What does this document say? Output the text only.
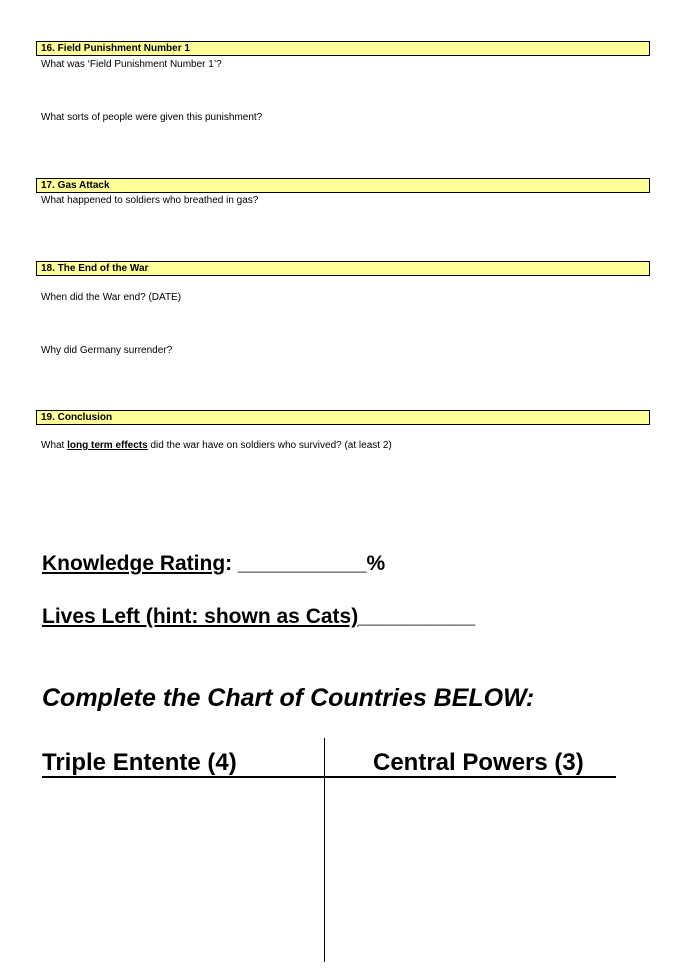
16. Field Punishment Number 1
What was ‘Field Punishment Number 1’?
What sorts of people were given this punishment?
17. Gas Attack
What happened to soldiers who breathed in gas?
18. The End of the War
When did the War end? (DATE)
Why did Germany surrender?
19. Conclusion
What long term effects did the war have on soldiers who survived? (at least 2)
Knowledge Rating: ___________%
Lives Left (hint: shown as Cats)__________
Complete the Chart of Countries BELOW:
Triple Entente (4)	Central Powers (3)
